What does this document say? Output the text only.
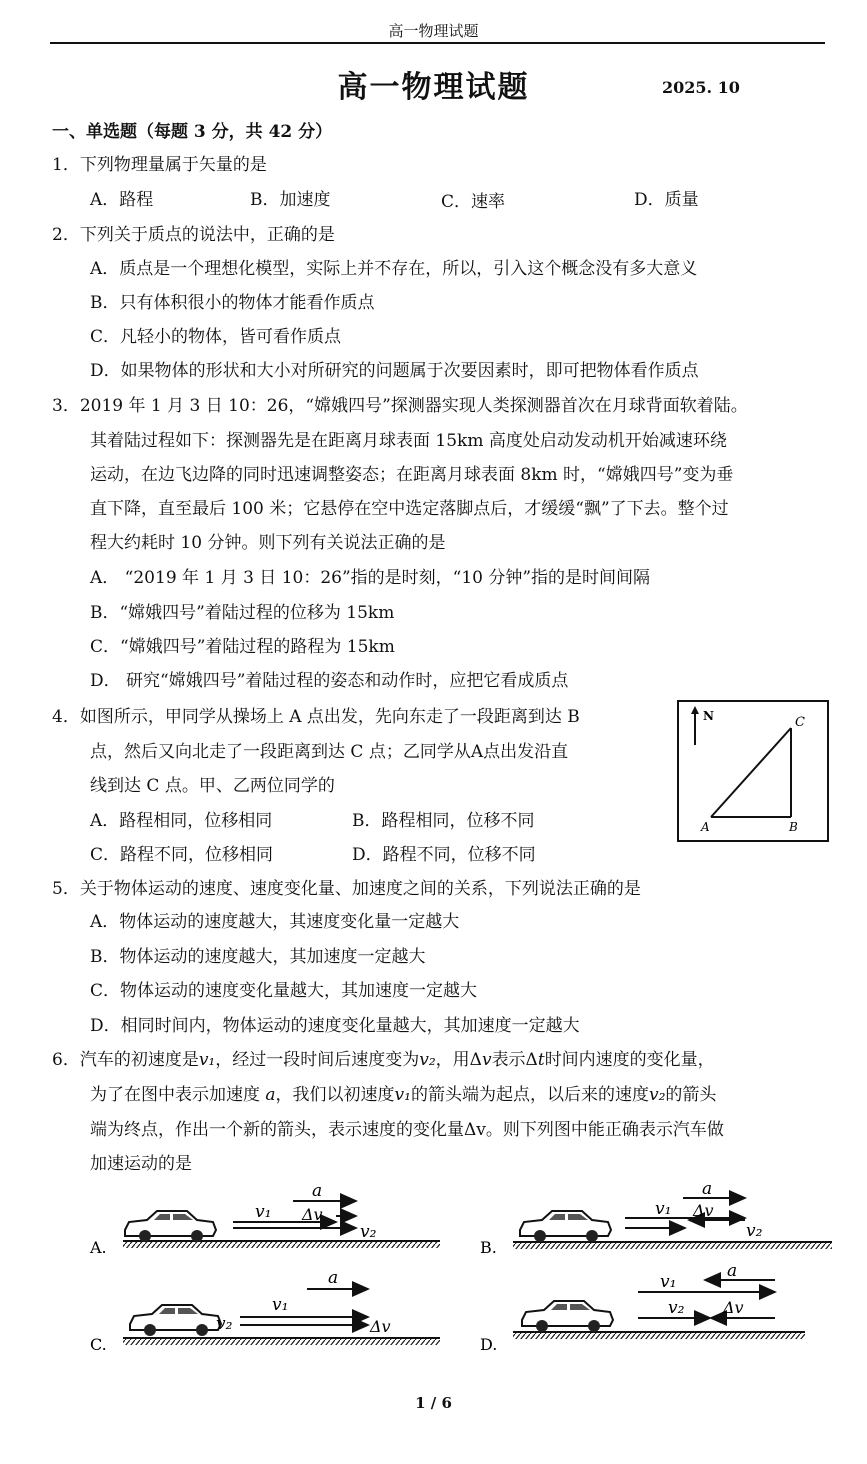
高一物理试题
高一物理试题	2025. 10
一、单选题（每题 3 分，共 42 分）
1．下列物理量属于矢量的是
A．路程	B．加速度	C．速率	D．质量
2．下列关于质点的说法中，正确的是
A．质点是一个理想化模型，实际上并不存在，所以，引入这个概念没有多大意义
B．只有体积很小的物体才能看作质点
C．凡轻小的物体，皆可看作质点
D．如果物体的形状和大小对所研究的问题属于次要因素时，即可把物体看作质点
3．2019 年 1 月 3 日 10：26，“嫦娥四号”探测器实现人类探测器首次在月球背面软着陆。
其着陆过程如下：探测器先是在距离月球表面 15km 高度处启动发动机开始减速环绕
运动，在边飞边降的同时迅速调整姿态；在距离月球表面 8km 时，“嫦娥四号”变为垂
直下降，直至最后 100 米；它悬停在空中选定落脚点后，才缓缓“飘”了下去。整个过
程大约耗时 10 分钟。则下列有关说法正确的是
A． “2019 年 1 月 3 日 10：26”指的是时刻，“10 分钟”指的是时间间隔
B．“嫦娥四号”着陆过程的位移为 15km
C．“嫦娥四号”着陆过程的路程为 15km
D． 研究“嫦娥四号”着陆过程的姿态和动作时，应把它看成质点
4．如图所示，甲同学从操场上 A 点出发，先向东走了一段距离到达 B
点，然后又向北走了一段距离到达 C 点；乙同学从A点出发沿直
线到达 C 点。甲、乙两位同学的
A．路程相同，位移相同	B．路程相同，位移不同
C．路程不同，位移相同	D．路程不同，位移不同
N
A	B
C
5．关于物体运动的速度、速度变化量、加速度之间的关系，下列说法正确的是
A．物体运动的速度越大，其速度变化量一定越大
B．物体运动的速度越大，其加速度一定越大
C．物体运动的速度变化量越大，其加速度一定越大
D．相同时间内，物体运动的速度变化量越大，其加速度一定越大
6．汽车的初速度是v₁，经过一段时间后速度变为v₂，用Δv表示Δt时间内速度的变化量，
为了在图中表示加速度 a，我们以初速度v₁的箭头端为起点，以后来的速度v₂的箭头
端为终点，作出一个新的箭头，表示速度的变化量Δv。则下列图中能正确表示汽车做
加速运动的是
A.
v₁
a
Δv
v₂
B.
v₁
a
Δv
v₂
C.
v₁
a
v₂	Δv
D.
v₁
a
v₂ Δv
1 / 6
